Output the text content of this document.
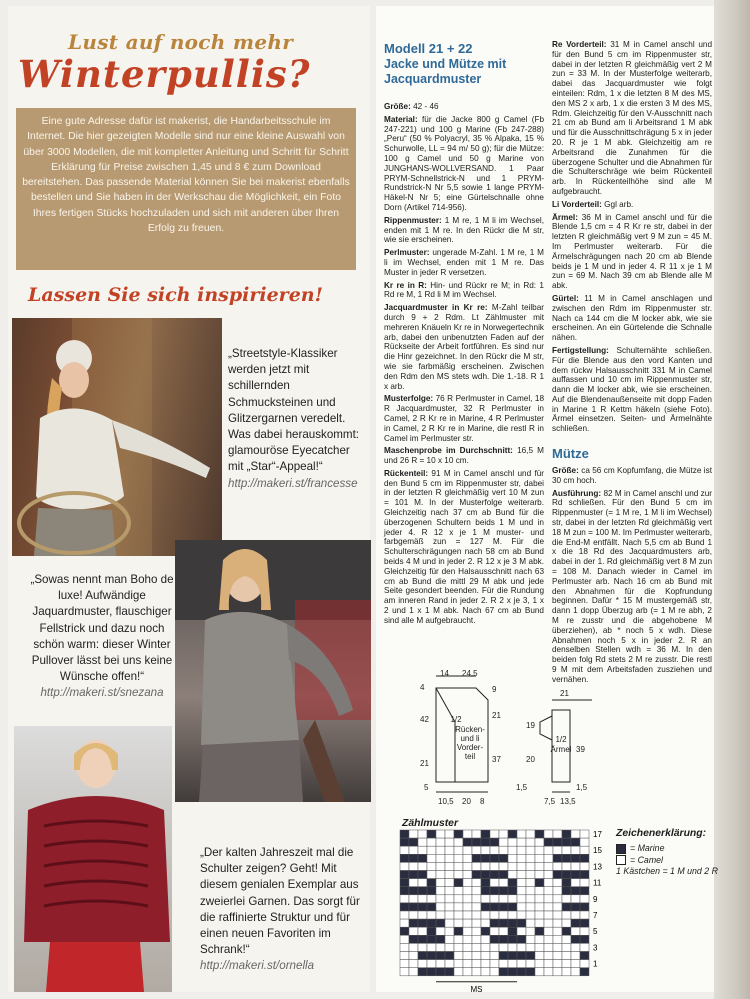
Lust auf noch mehr
Winterpullis?
Eine gute Adresse dafür ist makerist, die Handarbeitsschule im Internet. Die hier gezeigten Modelle sind nur eine kleine Auswahl von über 3000 Modellen, die mit kompletter Anleitung und Schritt für Schritt Erklärung für Preise zwischen 1,45 und 8 € zum Download bereitstehen. Das passende Material können Sie bei makerist ebenfalls bestellen und Sie haben in der Werkschau die Möglichkeit, ein Foto Ihres fertigen Stücks hochzuladen und sich mit anderen über Ihren Erfolg zu freuen.
Lassen Sie sich inspirieren!
„Streetstyle-Klassiker werden jetzt mit schillernden Schmucksteinen und Glitzergarnen veredelt. Was dabei herauskommt: glamouröse Eyecatcher mit „Star“-Appeal!“
http://makeri.st/francesse
„Sowas nennt man Boho de luxe! Aufwändige Jaquardmuster, flauschiger Fellstrick und dazu noch schön warm: dieser Winter Pullover lässt bei uns keine Wünsche offen!“
http://makeri.st/snezana
„Der kalten Jahreszeit mal die Schulter zeigen? Geht! Mit diesem genialen Exemplar aus zweierlei Garnen. Das sorgt für die raffinierte Struktur und für einen neuen Favoriten im Schrank!“
http://makeri.st/ornella
Modell 21 + 22
Jacke und Mütze mit Jacquardmuster
Größe: 42 - 46
Material: für die Jacke 800 g Camel (Fb 247-221) und 100 g Marine (Fb 247-288) „Peru“ (50 % Polyacryl, 35 % Alpaka, 15 % Schurwolle, LL = 94 m/ 50 g); für die Mütze: 100 g Camel und 50 g Marine von JUNGHANS-WOLLVERSAND. 1 Paar PRYM-Schnellstrick-N und 1 PRYM-Rundstrick-N Nr 5,5 sowie 1 lange PRYM-Häkel-N Nr 5; eine Gürtelschnalle ohne Dorn (Artikel 714-956).
Rippenmuster: 1 M re, 1 M li im Wechsel, enden mit 1 M re. In den Rückr die M str, wie sie erscheinen.
Perlmuster: ungerade M-Zahl. 1 M re, 1 M li im Wechsel, enden mit 1 M re. Das Muster in jeder R versetzen.
Kr re in R: Hin- und Rückr re M; in Rd: 1 Rd re M, 1 Rd li M im Wechsel.
Jacquardmuster in Kr re: M-Zahl teilbar durch 9 + 2 Rdm. Lt Zählmuster mit mehreren Knäueln Kr re in Norwegertechnik arb, dabei den unbenutzten Faden auf der Rückseite der Arbeit fortführen. Es sind nur die Hinr gezeichnet. In den Rückr die M str, wie sie farbmäßig erscheinen. Zwischen den Rdm den MS stets wdh. Die 1.-18. R 1 x arb.
Musterfolge: 76 R Perlmuster in Camel, 18 R Jacquardmuster, 32 R Perlmuster in Camel, 2 R Kr re in Marine, 4 R Perlmuster in Camel, 2 R Kr re in Marine, die restl R in Camel im Perlmuster str.
Maschenprobe im Durchschnitt: 16,5 M und 26 R = 10 x 10 cm.
Rückenteil: 91 M in Camel anschl und für den Bund 5 cm im Rippenmuster str, dabei in der letzten R gleichmäßig vert 10 M zun = 101 M. In der Musterfolge weiterarb. Gleichzeitig nach 37 cm ab Bund für die überzogenen Schultern beids 1 M und in jeder 4. R 12 x je 1 M muster- und farbgemäß zun = 127 M. Für die Schulterschrägungen nach 58 cm ab Bund beids 4 M und in jeder 2. R 12 x je 3 M abk. Gleichzeitig für den Halsausschnitt nach 63 cm ab Bund die mittl 29 M abk und jede Seite gesondert beenden. Für die Rundung am inneren Rand in jeder 2. R 2 x je 3, 1 x 2 und 1 x 1 M abk. Nach 67 cm ab Bund sind alle M aufgebraucht.
Re Vorderteil: 31 M in Camel anschl und für den Bund 5 cm im Rippenmuster str, dabei in der letzten R gleichmäßig vert 2 M zun = 33 M. In der Musterfolge weiterarb, dabei das Jacquardmuster wie folgt einteilen: Rdm, 1 x die letzten 8 M des MS, den MS 2 x arb, 1 x die ersten 3 M des MS, Rdm. Gleichzeitig für den V-Ausschnitt nach 21 cm ab Bund am li Arbeitsrand 1 M abk und für die Ausschnittschrägung 5 x in jeder 20. R je 1 M abk. Gleichzeitig am re Arbeitsrand die Zunahmen für die überzogene Schulter und die Abnahmen für die Schulterschräge wie beim Rückenteil arb. In Rückenteilhöhe sind alle M aufgebraucht.
Li Vorderteil: Ggl arb.
Ärmel: 36 M in Camel anschl und für die Blende 1,5 cm = 4 R Kr re str, dabei in der letzten R gleichmäßig vert 9 M zun = 45 M. Im Perlmuster weiterarb. Für die Ärmelschrägungen nach 20 cm ab Blende beids je 1 M und in jeder 4. R 11 x je 1 M zun = 69 M. Nach 39 cm ab Blende alle M abk.
Gürtel: 11 M in Camel anschlagen und zwischen den Rdm im Rippenmuster str. Nach ca 144 cm die M locker abk, wie sie erscheinen. An ein Gürtelende die Schnalle nähen.
Fertigstellung: Schulternähte schließen. Für die Blende aus den vord Kanten und dem rückw Halsausschnitt 331 M in Camel auffassen und 10 cm im Rippenmuster str, dann die M locker abk, wie sie erscheinen. Auf die Blendenaußenseite mit dopp Faden in Marine 1 R Kettm häkeln (siehe Foto). Ärmel einsetzen. Seiten- und Ärmelnähte schließen.
Mütze
Größe: ca 56 cm Kopfumfang, die Mütze ist 30 cm hoch.
Ausführung: 82 M in Camel anschl und zur Rd schließen. Für den Bund 5 cm im Rippenmuster (= 1 M re, 1 M li im Wechsel) str, dabei in der letzten Rd gleichmäßig vert 18 M zun = 100 M. Im Perlmuster weiterarb, die End-M entfällt. Nach 5,5 cm ab Bund 1 x die 18 Rd des Jacquardmusters arb, dabei in der 1. Rd gleichmäßig vert 8 M zun = 108 M. Danach wieder in Camel im Perlmuster arb. Nach 16 cm ab Bund mit den Abnahmen für die Kopfrundung beginnen. Dafür * 15 M mustergemäß str, dann 1 dopp Überzug arb (= 1 M re abh, 2 M re zusstr und die abgehobene M überziehen), ab * noch 5 x wdh. Diese Abnahmen noch 5 x in jeder 2. R an denselben Stellen wdh = 36 M. In den beiden folg Rd stets 2 M re zusstr. Die restl 9 M mit dem Arbeitsfaden zusziehen und vernähen.
14 24,5
9
21
42
37
21
5
10,5 20 8
4
1/2
Rücken-
und li
Vorder-
teil
21
19
20
39
1,5
7,5 13,5
1,5
1/2
Ärmel
Zählmuster
17
15
13
11
9
7
5
3
1
MS
Zeichenerklärung:
= Marine
= Camel
1 Kästchen = 1 M und 2 R
